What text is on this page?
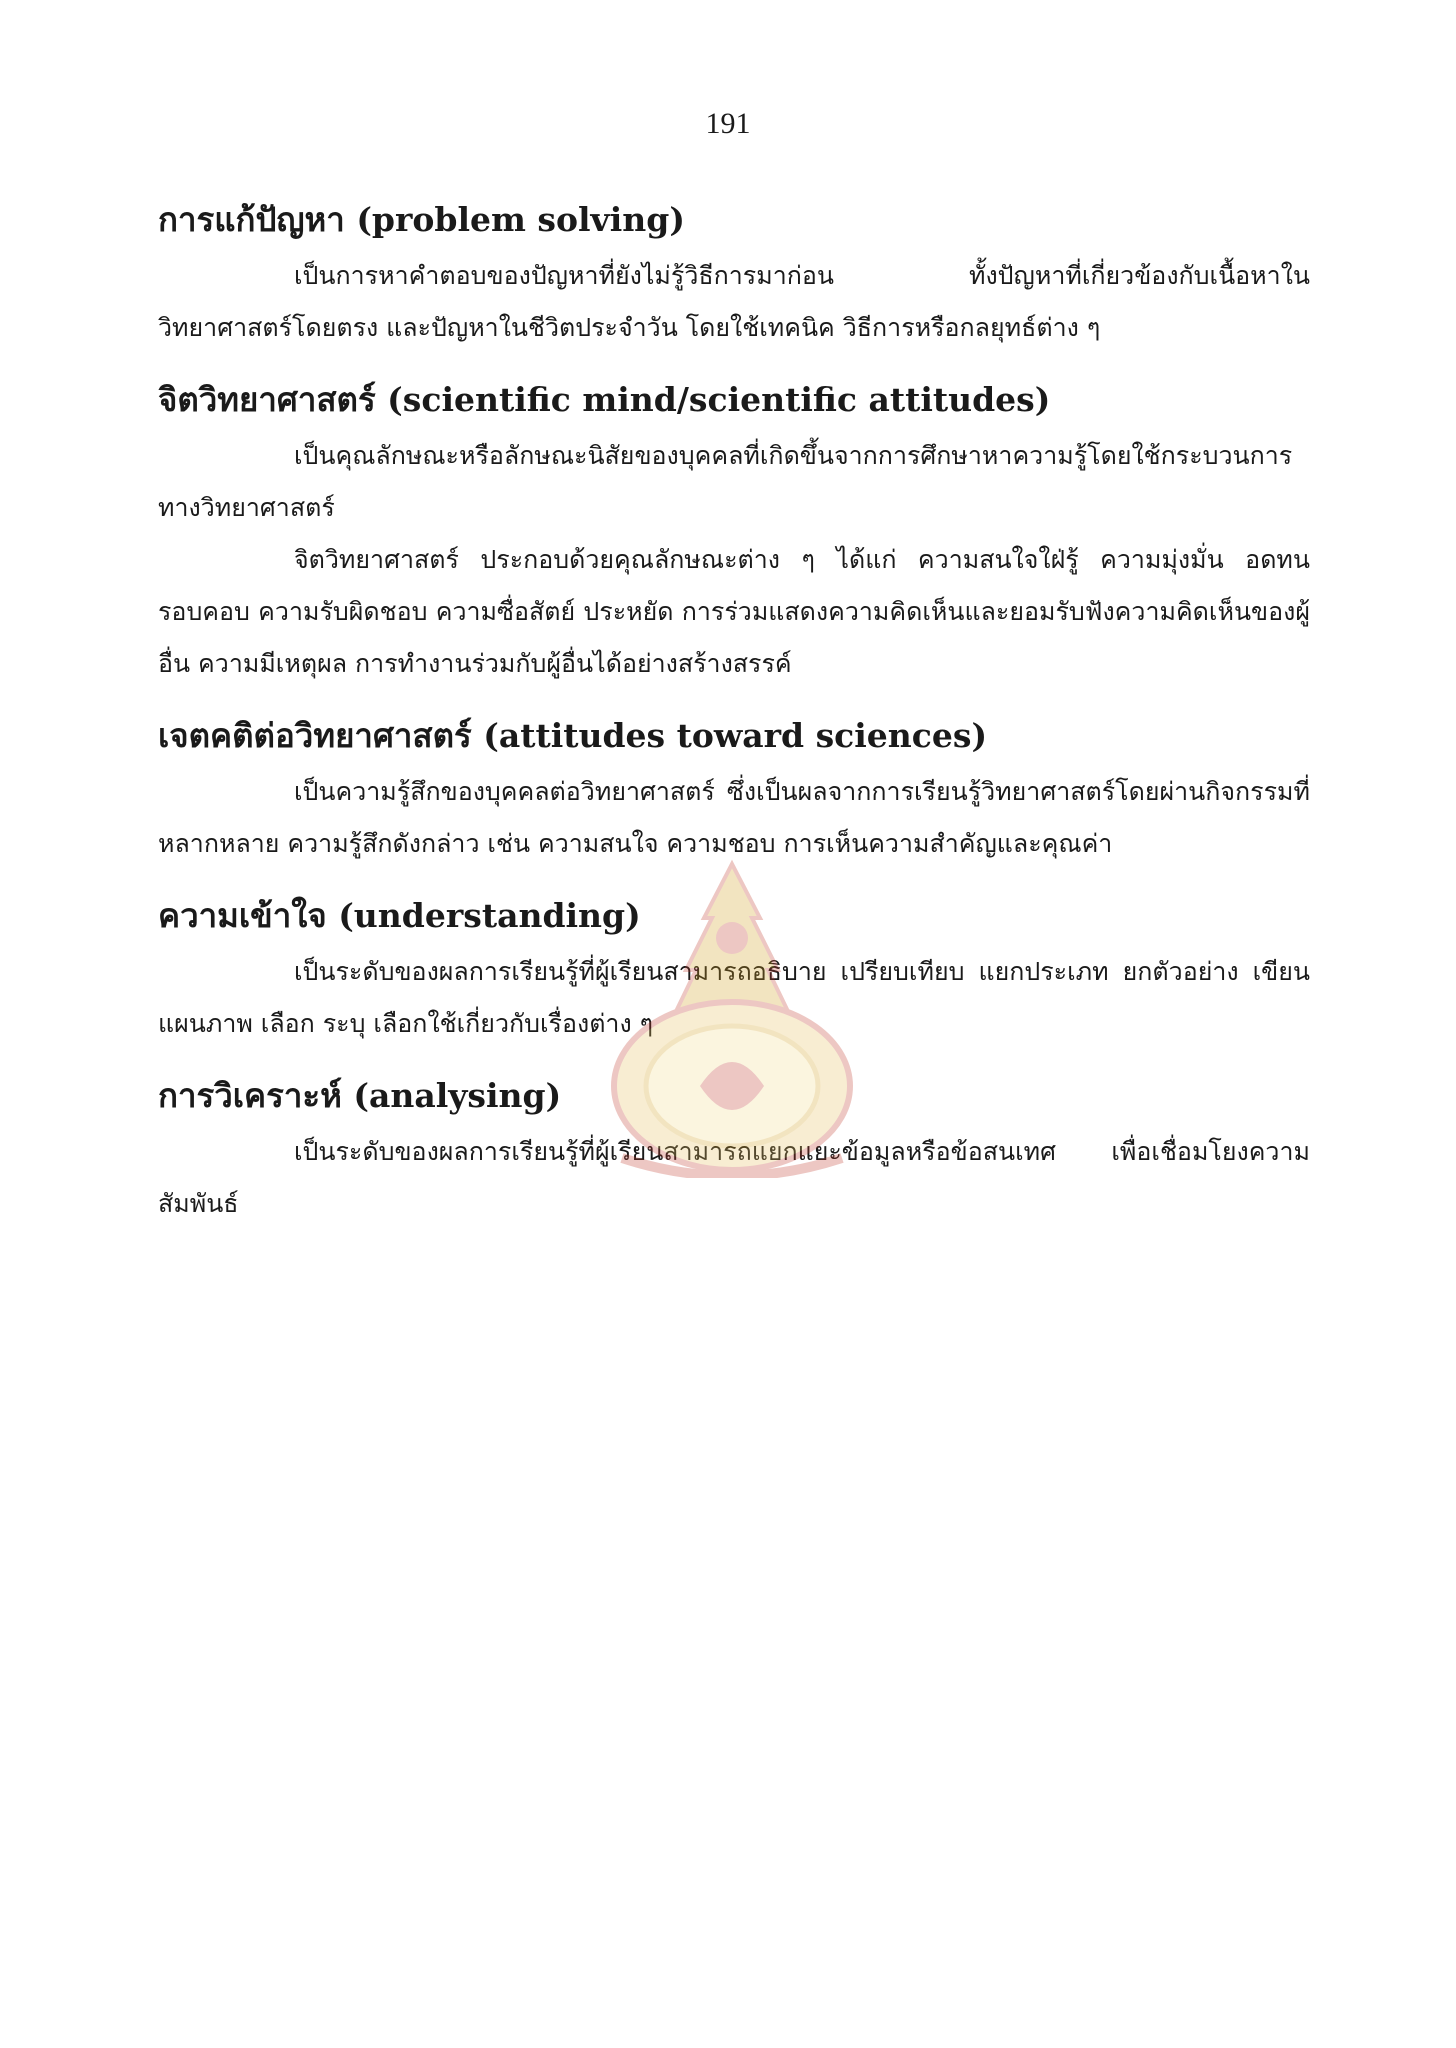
191
การแก้ปัญหา (problem solving)

เป็นการหาคำตอบของปัญหาที่ยังไม่รู้วิธีการมาก่อน ทั้งปัญหาที่เกี่ยวข้องกับเนื้อหาในวิทยาศาสตร์โดยตรง และปัญหาในชีวิตประจำวัน โดยใช้เทคนิค วิธีการหรือกลยุทธ์ต่าง ๆ

จิตวิทยาศาสตร์ (scientific mind/scientific attitudes)

เป็นคุณลักษณะหรือลักษณะนิสัยของบุคคลที่เกิดขึ้นจากการศึกษาหาความรู้โดยใช้กระบวนการทางวิทยาศาสตร์

จิตวิทยาศาสตร์ ประกอบด้วยคุณลักษณะต่าง ๆ ได้แก่ ความสนใจใฝ่รู้ ความมุ่งมั่น อดทน รอบคอบ ความรับผิดชอบ ความซื่อสัตย์ ประหยัด การร่วมแสดงความคิดเห็นและยอมรับฟังความคิดเห็นของผู้อื่น ความมีเหตุผล การทำงานร่วมกับผู้อื่นได้อย่างสร้างสรรค์

เจตคติต่อวิทยาศาสตร์ (attitudes toward sciences)

เป็นความรู้สึกของบุคคลต่อวิทยาศาสตร์ ซึ่งเป็นผลจากการเรียนรู้วิทยาศาสตร์โดยผ่านกิจกรรมที่หลากหลาย ความรู้สึกดังกล่าว เช่น ความสนใจ ความชอบ การเห็นความสำคัญและคุณค่า

ความเข้าใจ (understanding)

เป็นระดับของผลการเรียนรู้ที่ผู้เรียนสามารถอธิบาย เปรียบเทียบ แยกประเภท ยกตัวอย่าง เขียนแผนภาพ เลือก ระบุ เลือกใช้เกี่ยวกับเรื่องต่าง ๆ

การวิเคราะห์ (analysing)

เป็นระดับของผลการเรียนรู้ที่ผู้เรียนสามารถแยกแยะข้อมูลหรือข้อสนเทศ เพื่อเชื่อมโยงความสัมพันธ์
